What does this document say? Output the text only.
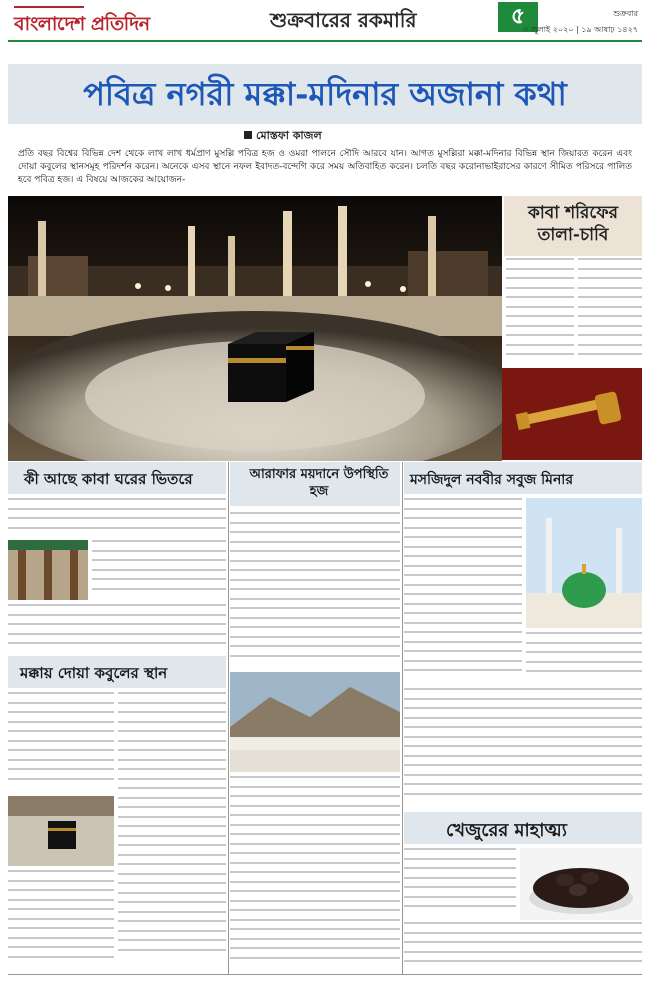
বাংলাদেশ প্রতিদিন	শুক্রবারের রকমারি	৫	শুক্রবার
৩ জুলাই ২০২০ | ১৯ আষাঢ় ১৪২৭
পবিত্র নগরী মক্কা-মদিনার অজানা কথা
মোস্তফা কাজল
প্রতি বছর বিশ্বের বিভিন্ন দেশ থেকে লাখ লাখ ধর্মপ্রাণ মুসল্লি পবিত্র হজ ও ওমরা পালনে সৌদি আরবে যান। আগত মুসল্লিরা মক্কা-মদিনার বিভিন্ন স্থান জিয়ারত করেন এবং দোয়া কবুলের স্থানসমূহ পরিদর্শন করেন। অনেকে এসব স্থানে নফল ইবাদত-বন্দেগি করে সময় অতিবাহিত করেন। চলতি বছর করোনাভাইরাসের কারণে সীমিত পরিসরে পালিত হবে পবিত্র হজ। এ বিষয়ে আজকের আয়োজন-
কাবা শরিফের তালা-চাবি
কী আছে কাবা ঘরের ভিতরে	আরাফার ময়দানে উপস্থিতি হজ
মসজিদুল নববীর সবুজ মিনার
মক্কায় দোয়া কবুলের স্থান
খেজুরের মাহাত্ম্য
